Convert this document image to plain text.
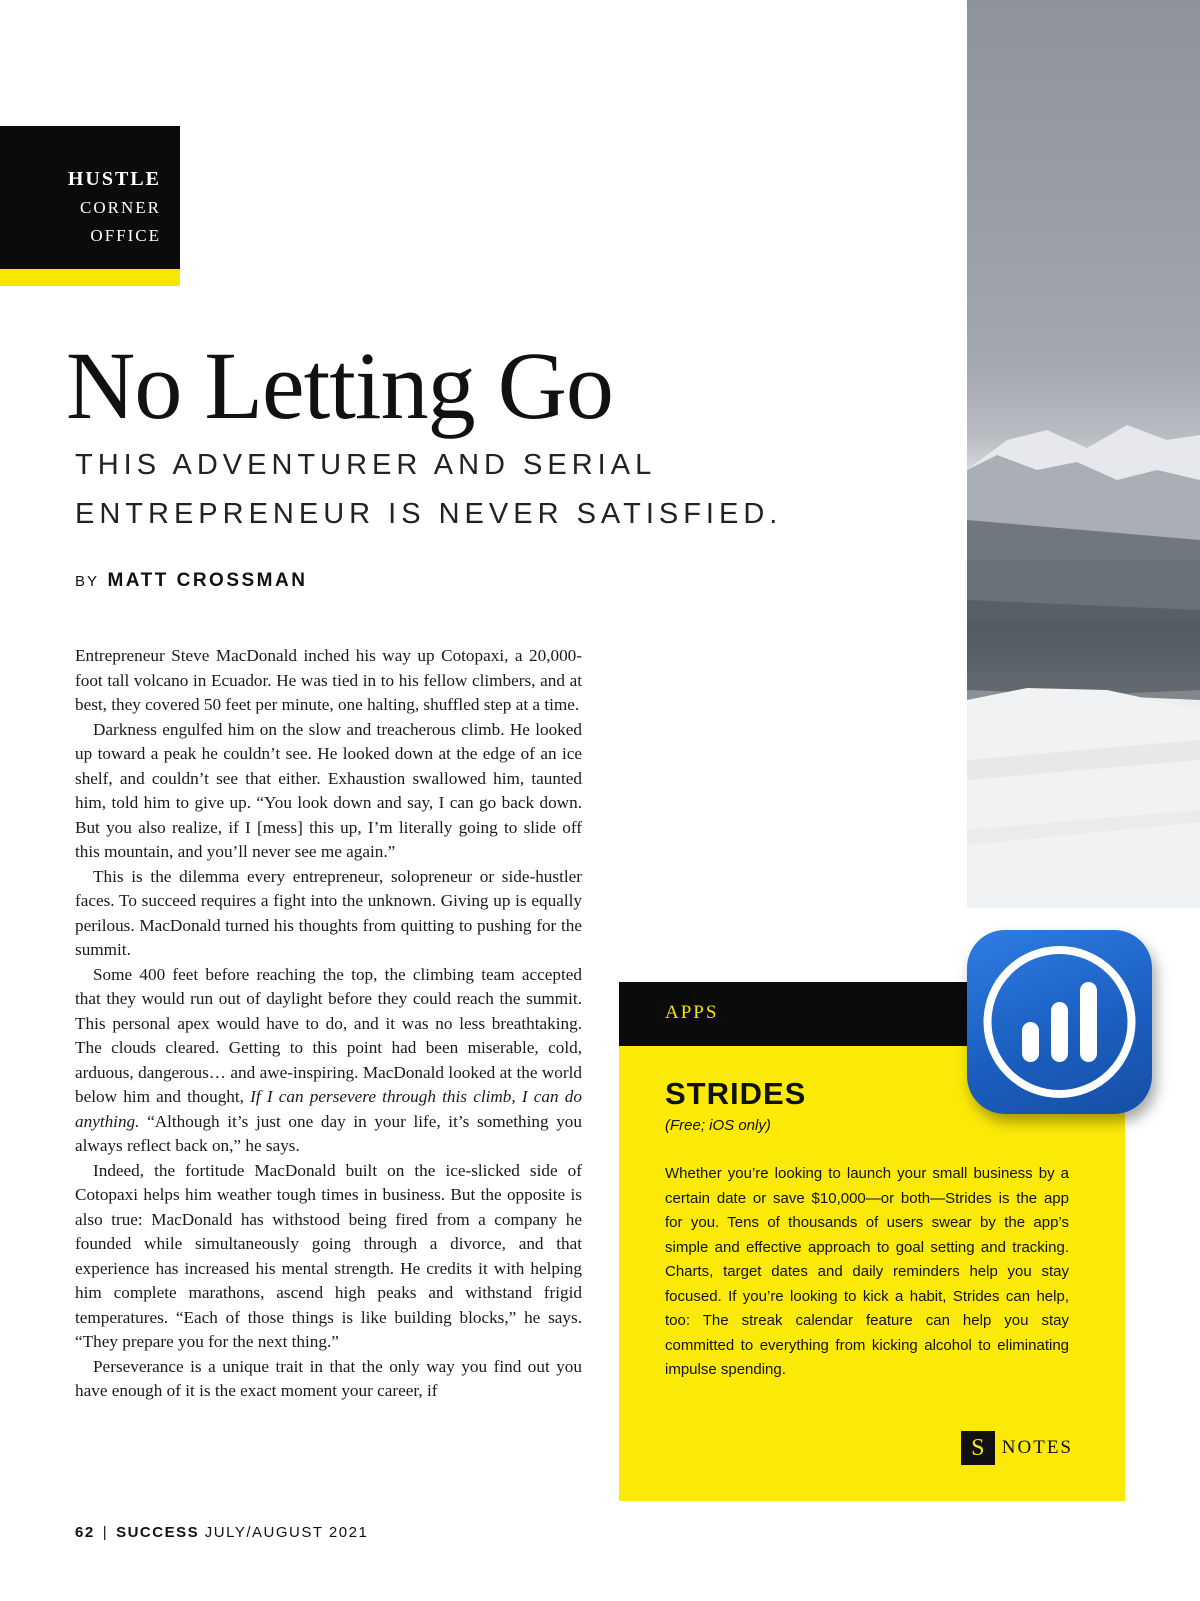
HUSTLE
CORNER
OFFICE
No Letting Go
THIS ADVENTURER AND SERIAL ENTREPRENEUR IS NEVER SATISFIED.
BY MATT CROSSMAN

Entrepreneur Steve MacDonald inched his way up Cotopaxi, a 20,000-foot tall volcano in Ecuador. He was tied in to his fellow climbers, and at best, they covered 50 feet per minute, one halting, shuffled step at a time.

Darkness engulfed him on the slow and treacherous climb. He looked up toward a peak he couldn’t see. He looked down at the edge of an ice shelf, and couldn’t see that either. Exhaustion swallowed him, taunted him, told him to give up. “You look down and say, I can go back down. But you also realize, if I [mess] this up, I’m literally going to slide off this mountain, and you’ll never see me again.”

This is the dilemma every entrepreneur, solopreneur or side-hustler faces. To succeed requires a fight into the unknown. Giving up is equally perilous. MacDonald turned his thoughts from quitting to pushing for the summit.

Some 400 feet before reaching the top, the climbing team accepted that they would run out of daylight before they could reach the summit. This personal apex would have to do, and it was no less breathtaking. The clouds cleared. Getting to this point had been miserable, cold, arduous, dangerous… and awe-inspiring. MacDonald looked at the world below him and thought, If I can persevere through this climb, I can do anything. “Although it’s just one day in your life, it’s something you always reflect back on,” he says.

Indeed, the fortitude MacDonald built on the ice-slicked side of Cotopaxi helps him weather tough times in business. But the opposite is also true: MacDonald has withstood being fired from a company he founded while simultaneously going through a divorce, and that experience has increased his mental strength. He credits it with helping him complete marathons, ascend high peaks and withstand frigid temperatures. “Each of those things is like building blocks,” he says. “They prepare you for the next thing.”

Perseverance is a unique trait in that the only way you find out you have enough of it is the exact moment your career, if

62 | SUCCESS JULY/AUGUST 2021
APPS
STRIDES
(Free; iOS only)

Whether you’re looking to launch your small business by a certain date or save $10,000—or both—Strides is the app for you. Tens of thousands of users swear by the app’s simple and effective approach to goal setting and tracking. Charts, target dates and daily reminders help you stay focused. If you’re looking to kick a habit, Strides can help, too: The streak calendar feature can help you stay committed to everything from kicking alcohol to eliminating impulse spending.

S NOTES
